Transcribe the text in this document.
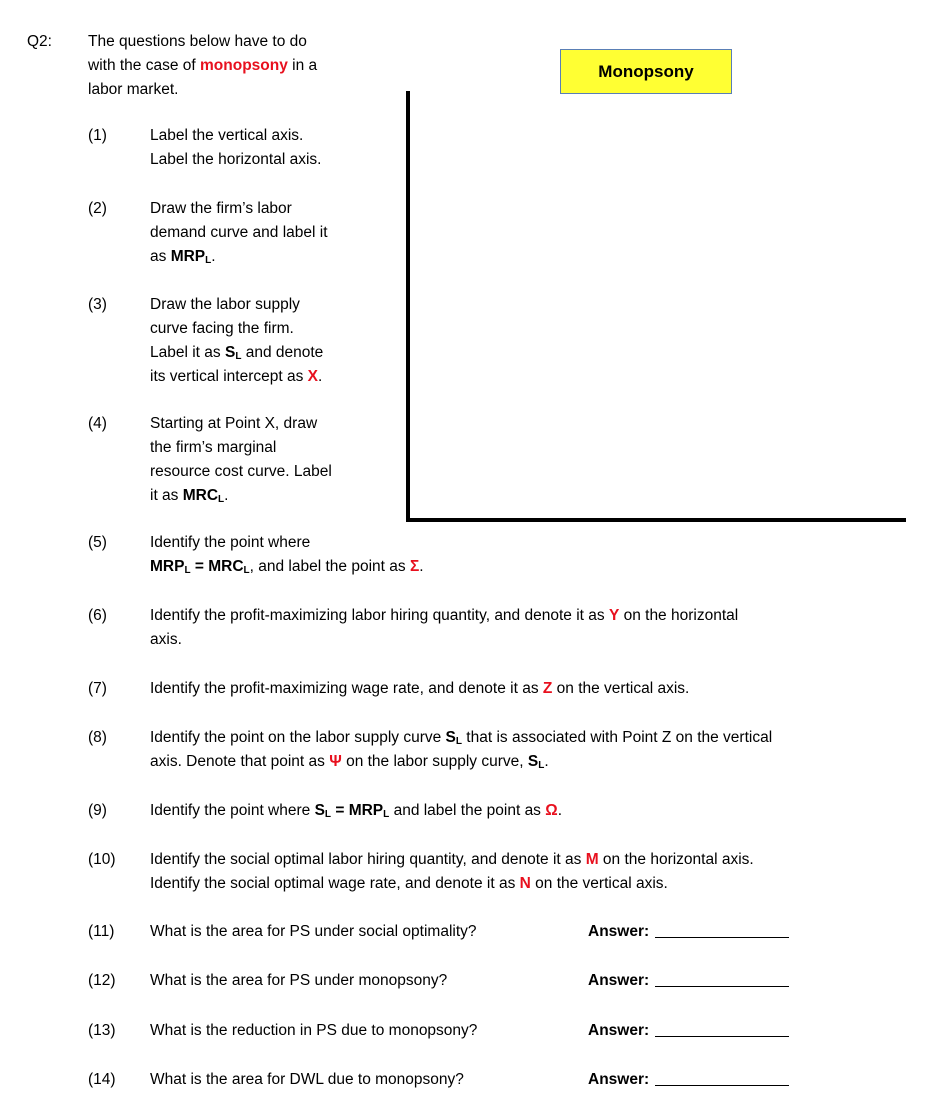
Q2: The questions below have to do
with the case of monopsony in a
labor market.
Monopsony
(1)	Label the vertical axis.
Label the horizontal axis.
(2)	Draw the firm’s labor
demand curve and label it
as $MRP_L$.
(3)	Draw the labor supply
curve facing the firm.
Label it as $S_L$ and denote
its vertical intercept as X.
(4)	Starting at Point X, draw
the firm’s marginal
resource cost curve. Label
it as $MRC_L$.
(5)	Identify the point where
$MRP_L = MRC_L$, and label the point as Σ.
(6)	Identify the profit-maximizing labor hiring quantity, and denote it as Y on the horizontal
axis.
(7)	Identify the profit-maximizing wage rate, and denote it as Z on the vertical axis.
(8)	Identify the point on the labor supply curve $S_L$ that is associated with Point Z on the vertical
axis. Denote that point as Ψ on the labor supply curve, $S_L$.
(9)	Identify the point where $S_L = MRP_L$ and label the point as Ω.
(10) Identify the social optimal labor hiring quantity, and denote it as M on the horizontal axis.
Identify the social optimal wage rate, and denote it as N on the vertical axis.
(11) What is the area for PS under social optimality?	Answer:
(12) What is the area for PS under monopsony?	Answer:
(13) What is the reduction in PS due to monopsony?	Answer:
(14) What is the area for DWL due to monopsony?	Answer:
